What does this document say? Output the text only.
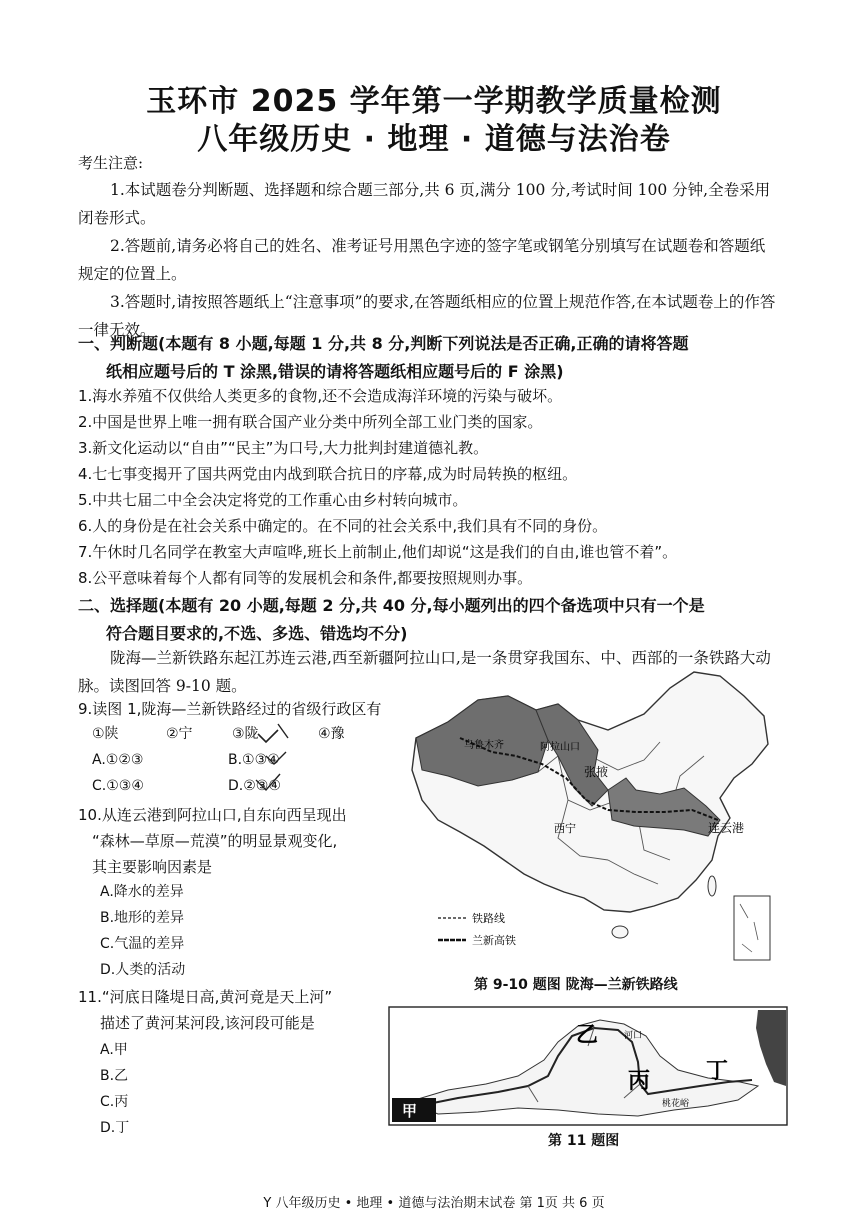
玉环市 2025 学年第一学期教学质量检测
八年级历史 · 地理 · 道德与法治卷
考生注意:
1.本试题卷分判断题、选择题和综合题三部分,共 6 页,满分 100 分,考试时间 100 分钟,全卷采用闭卷形式。
2.答题前,请务必将自己的姓名、准考证号用黑色字迹的签字笔或钢笔分别填写在试题卷和答题纸规定的位置上。
3.答题时,请按照答题纸上“注意事项”的要求,在答题纸相应的位置上规范作答,在本试题卷上的作答一律无效。
一、判断题(本题有 8 小题,每题 1 分,共 8 分,判断下列说法是否正确,正确的请将答题
纸相应题号后的 T 涂黑,错误的请将答题纸相应题号后的 F 涂黑)
1.海水养殖不仅供给人类更多的食物,还不会造成海洋环境的污染与破坏。
2.中国是世界上唯一拥有联合国产业分类中所列全部工业门类的国家。
3.新文化运动以“自由”“民主”为口号,大力批判封建道德礼教。
4.七七事变揭开了国共两党由内战到联合抗日的序幕,成为时局转换的枢纽。
5.中共七届二中全会决定将党的工作重心由乡村转向城市。
6.人的身份是在社会关系中确定的。在不同的社会关系中,我们具有不同的身份。
7.午休时几名同学在教室大声喧哗,班长上前制止,他们却说“这是我们的自由,谁也管不着”。
8.公平意味着每个人都有同等的发展机会和条件,都要按照规则办事。
二、选择题(本题有 20 小题,每题 2 分,共 40 分,每小题列出的四个备选项中只有一个是
符合题目要求的,不选、多选、错选均不分)
陇海—兰新铁路东起江苏连云港,西至新疆阿拉山口,是一条贯穿我国东、中、西部的一条铁路大动脉。读图回答 9-10 题。
9.读图 1,陇海—兰新铁路经过的省级行政区有
①陕	②宁	③陇	④豫
A.①②③	B.①③④
C.①③④	D.②③④
10.从连云港到阿拉山口,自东向西呈现出
“森林—草原—荒漠”的明显景观变化,
其主要影响因素是
A.降水的差异
B.地形的差异
C.气温的差异
D.人类的活动
11.“河底日隆堤日高,黄河竟是天上河”
描述了黄河某河段,该河段可能是
A.甲
B.乙
C.丙
D.丁
阿拉山口
乌鲁木齐
张掖
西宁	连云港
铁路线
兰新高铁
第 9-10 题图 陇海—兰新铁路线
甲
乙	河口
丙	丁
桃花峪
第 11 题图
Y 八年级历史 • 地理 • 道德与法治期末试卷 第 1页 共 6 页
